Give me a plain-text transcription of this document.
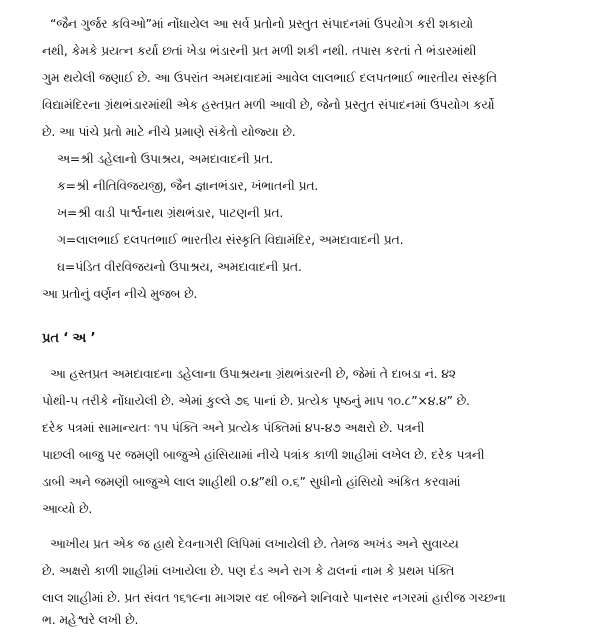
“જૈન ગુર્જર કવિઓ”માં નોંધાયેલ આ સર્વ પ્રતોનો પ્રસ્તુત સંપાદનમાં ઉપયોગ કરી શકાયો
નથી, કેમકે પ્રયત્ન કર્યા છતાં ખેડા ભંડારની પ્રત મળી શકી નથી. તપાસ કરતાં તે ભંડારમાંથી
ગુમ થયેલી જણાઈ છે. આ ઉપરાંત અમદાવાદમાં આવેલ લાલભાઈ દલપતભાઈ ભારતીય સંસ્કૃતિ
વિદ્યામંદિરના ગ્રંથભંડારમાંથી એક હસ્તપ્રત મળી આવી છે, જેનો પ્રસ્તુત સંપાદનમાં ઉપયોગ કર્યો
છે. આ પાંચે પ્રતો માટે નીચે પ્રમાણે સંકેતો યોજ્યા છે.
અ=શ્રી ડહેલાનો ઉપાશ્રય, અમદાવાદની પ્રત.
ક=શ્રી નીતિવિજયજી, જૈન જ્ઞાનભંડાર, ખંભાતની પ્રત.
ખ=શ્રી વાડી પાર્શ્વનાથ ગ્રંથભંડાર, પાટણની પ્રત.
ગ=લાલભાઈ દલપતભાઈ ભારતીય સંસ્કૃતિ વિદ્યામંદિર, અમદાવાદની પ્રત.
ઘ=પંડિત વીરવિજયનો ઉપાશ્રય, અમદાવાદની પ્રત.
આ પ્રતોનું વર્ણન નીચે મુજબ છે.
પ્રત ‘ અ ’
આ હસ્તપ્રત અમદાવાદના ડહેલાના ઉપાશ્રયના ગ્રંથભંડારની છે, જેમાં તે દાબડા નં. ૪૨
પોથી-૫ તરીકે નોંધાયેલી છે. એમાં કુલ્લે ૭૬ પાનાં છે. પ્રત્યેક પૃષ્ઠનું માપ ૧૦.૮”×૪.૪” છે.
દરેક પત્રમાં સામાન્યતઃ ૧૫ પંક્તિ અને પ્રત્યેક પંક્તિમાં ૪૫-૪૭ અક્ષરો છે. પત્રની
પાછલી બાજુ પર જમણી બાજુએ હાંસિયામાં નીચે પત્રાંક કાળી શાહીમાં લખેલ છે. દરેક પત્રની
ડાબી અને જમણી બાજુએ લાલ શાહીથી ૦.૪”થી ૦.૬” સુધીનો હાંસિયો અંકિત કરવામાં
આવ્યો છે.
આખીય પ્રત એક જ હાથે દેવનાગરી લિપિમાં લખાયેલી છે. તેમજ અખંડ અને સુવાચ્ય
છે. અક્ષરો કાળી શાહીમાં લખાયેલા છે. પણ દંડ અને રાગ કે ઢાલનાં નામ કે પ્રથમ પંક્તિ
લાલ શાહીમાં છે. પ્રત સંવત ૧૬૧૯ના માગશર વદ બીજને શનિવારે પાનસર નગરમાં હારીજ ગચ્છના
ભ. મહેશ્વરે લખી છે.
